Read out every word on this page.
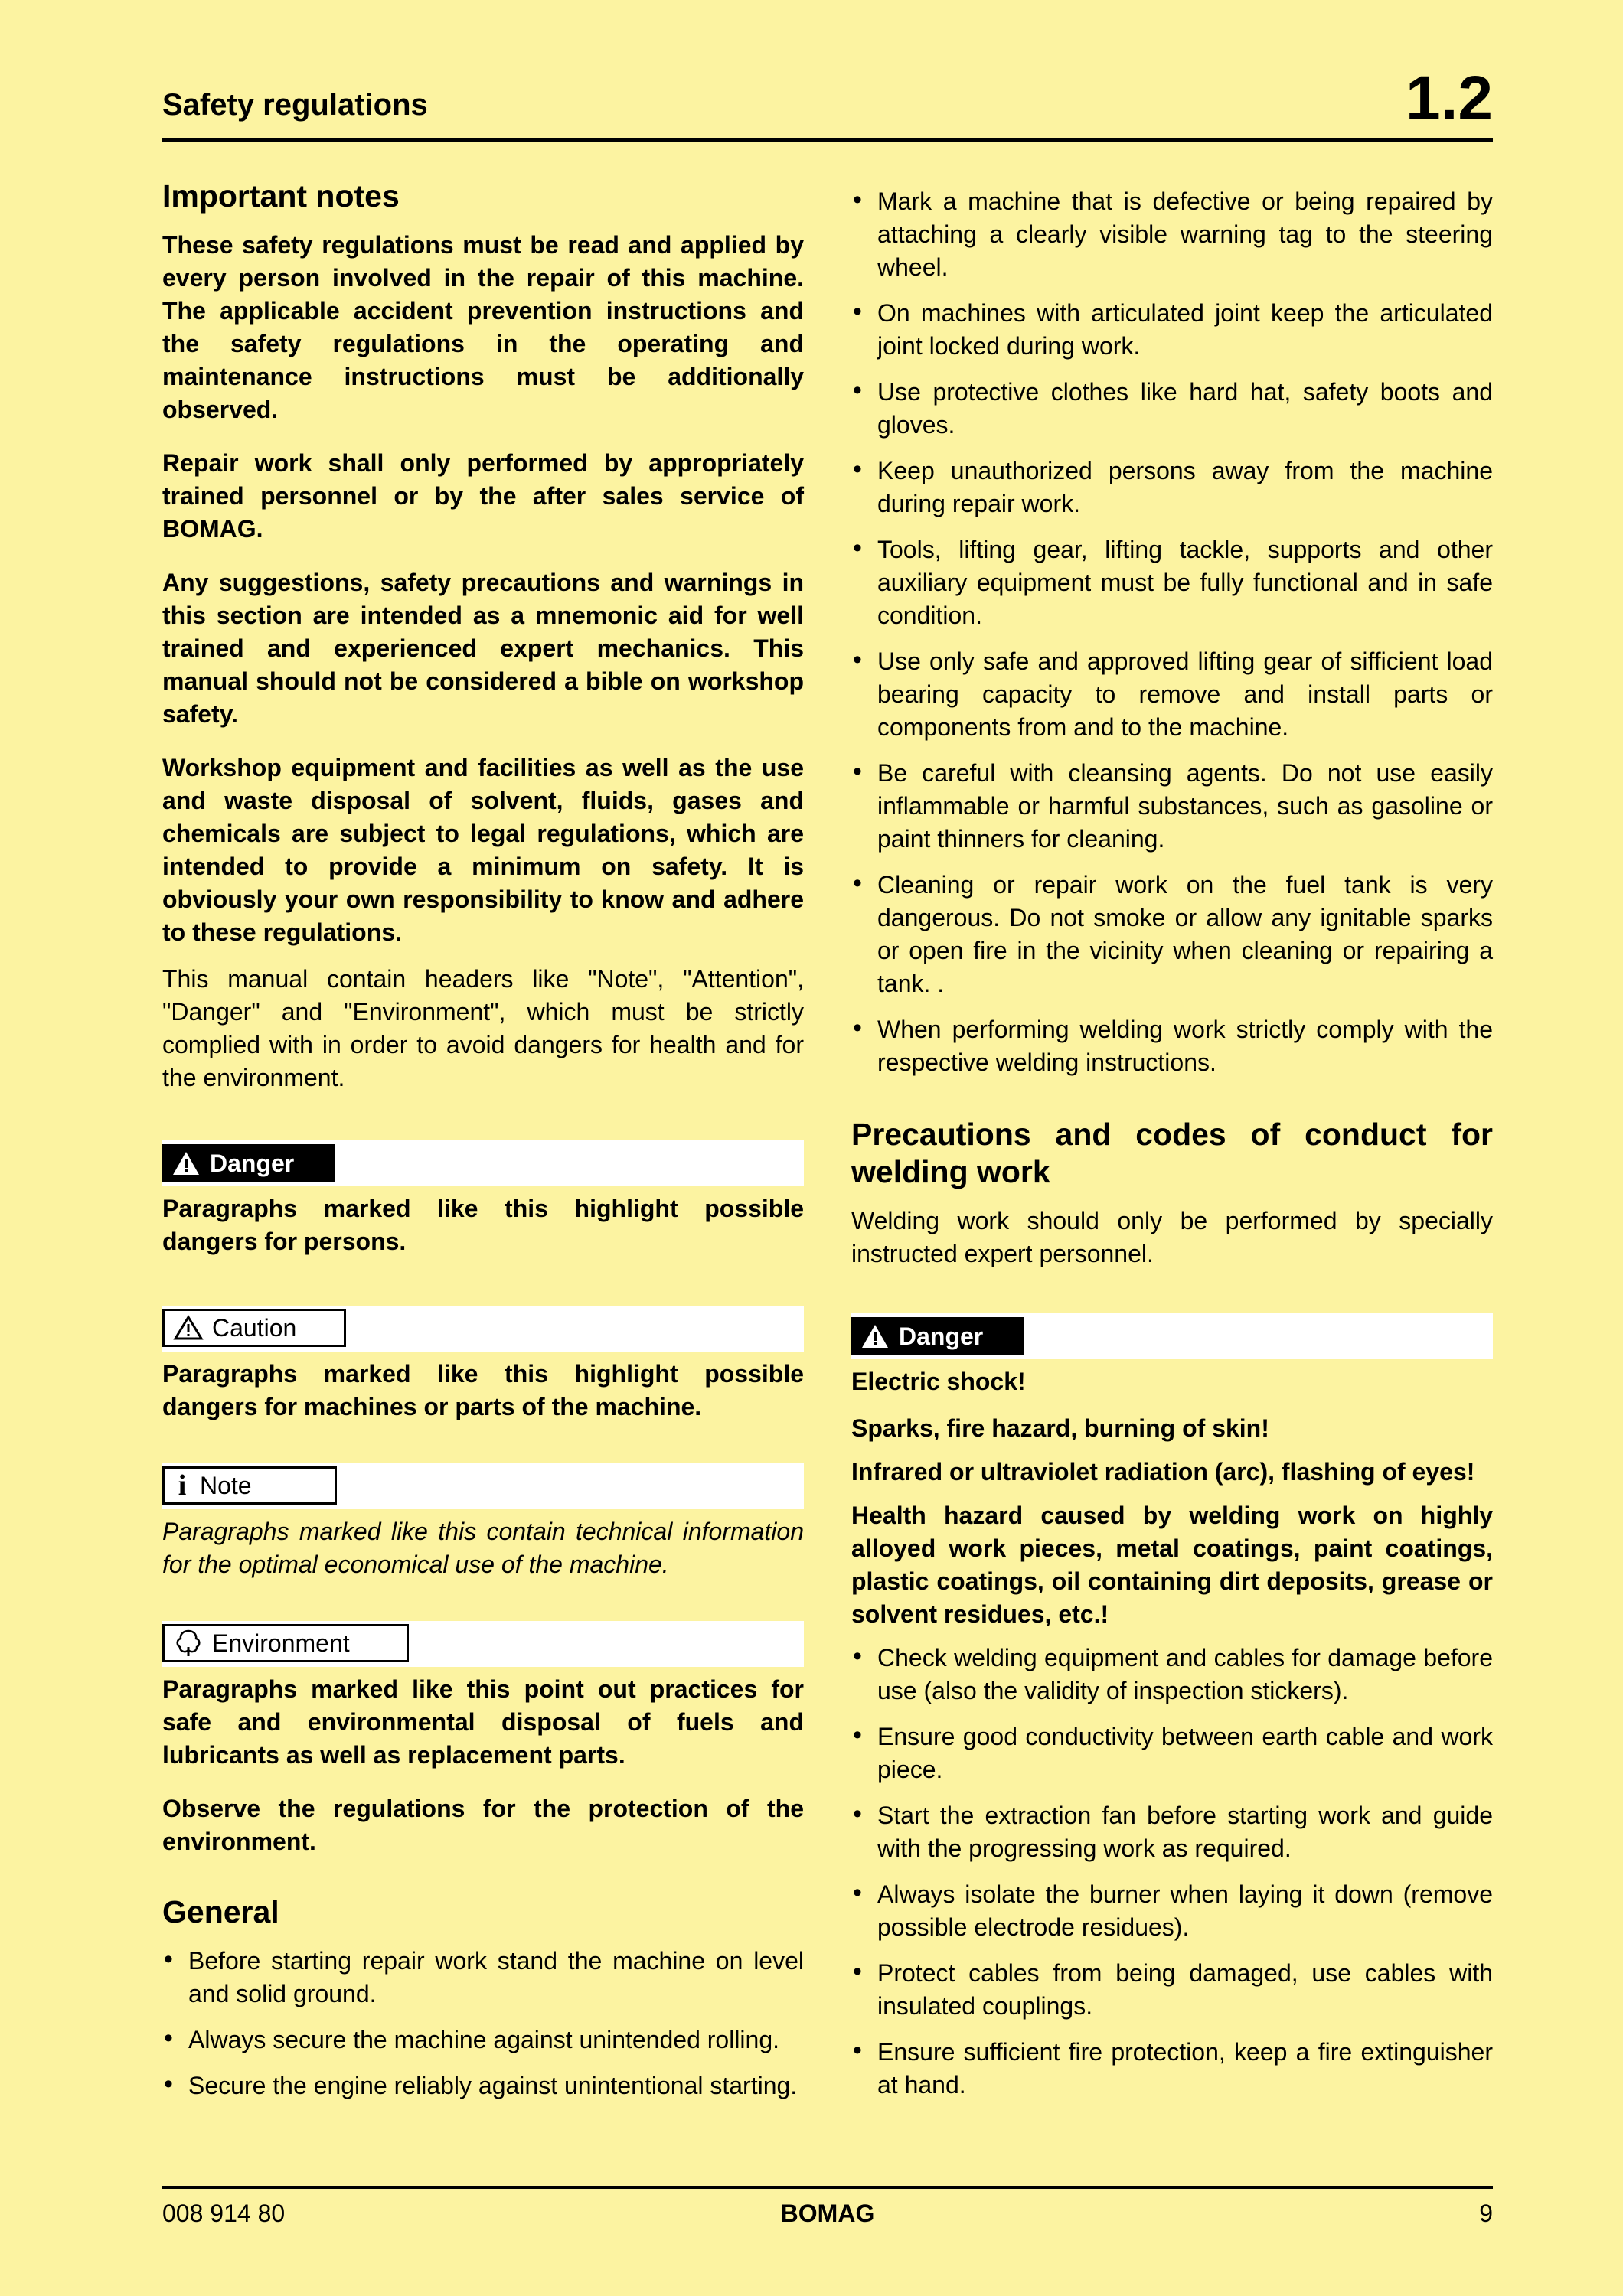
Safety regulations	1.2
Important notes

These safety regulations must be read and applied by every person involved in the repair of this machine. The applicable accident prevention instructions and the safety regulations in the operating and maintenance instructions must be additionally observed.

Repair work shall only performed by appropriately trained personnel or by the after sales service of BOMAG.

Any suggestions, safety precautions and warnings in this section are intended as a mnemonic aid for well trained and experienced expert mechanics. This manual should not be considered a bible on workshop safety.

Workshop equipment and facilities as well as the use and waste disposal of solvent, fluids, gases and chemicals are subject to legal regulations, which are intended to provide a minimum on safety. It is obviously your own responsibility to know and adhere to these regulations.

This manual contain headers like "Note", "Attention", "Danger" and "Environment", which must be strictly complied with in order to avoid dangers for health and for the environment.

Danger

Paragraphs marked like this highlight possible dangers for persons.

Caution

Paragraphs marked like this highlight possible dangers for machines or parts of the machine.

i Note

Paragraphs marked like this contain technical information for the optimal economical use of the machine.

Environment

Paragraphs marked like this point out practices for safe and environmental disposal of fuels and lubricants as well as replacement parts.

Observe the regulations for the protection of the environment.

General
• Before starting repair work stand the machine on level and solid ground.
• Always secure the machine against unintended rolling.
• Secure the engine reliably against unintentional starting.
• Mark a machine that is defective or being repaired by attaching a clearly visible warning tag to the steering wheel.
• On machines with articulated joint keep the articulated joint locked during work.
• Use protective clothes like hard hat, safety boots and gloves.
• Keep unauthorized persons away from the machine during repair work.
• Tools, lifting gear, lifting tackle, supports and other auxiliary equipment must be fully functional and in safe condition.
• Use only safe and approved lifting gear of sifficient load bearing capacity to remove and install parts or components from and to the machine.
• Be careful with cleansing agents. Do not use easily inflammable or harmful substances, such as gasoline or paint thinners for cleaning.
• Cleaning or repair work on the fuel tank is very dangerous. Do not smoke or allow any ignitable sparks or open fire in the vicinity when cleaning or repairing a tank. .
• When performing welding work strictly comply with the respective welding instructions.
Precautions and codes of conduct for welding work

Welding work should only be performed by specially instructed expert personnel.

Danger

Electric shock!

Sparks, fire hazard, burning of skin!

Infrared or ultraviolet radiation (arc), flashing of eyes!

Health hazard caused by welding work on highly alloyed work pieces, metal coatings, paint coatings, plastic coatings, oil containing dirt deposits, grease or solvent residues, etc.!

• Check welding equipment and cables for damage before use (also the validity of inspection stickers).
• Ensure good conductivity between earth cable and work piece.
• Start the extraction fan before starting work and guide with the progressing work as required.
• Always isolate the burner when laying it down (remove possible electrode residues).
• Protect cables from being damaged, use cables with insulated couplings.
• Ensure sufficient fire protection, keep a fire extinguisher at hand.
008 914 80	BOMAG	9
